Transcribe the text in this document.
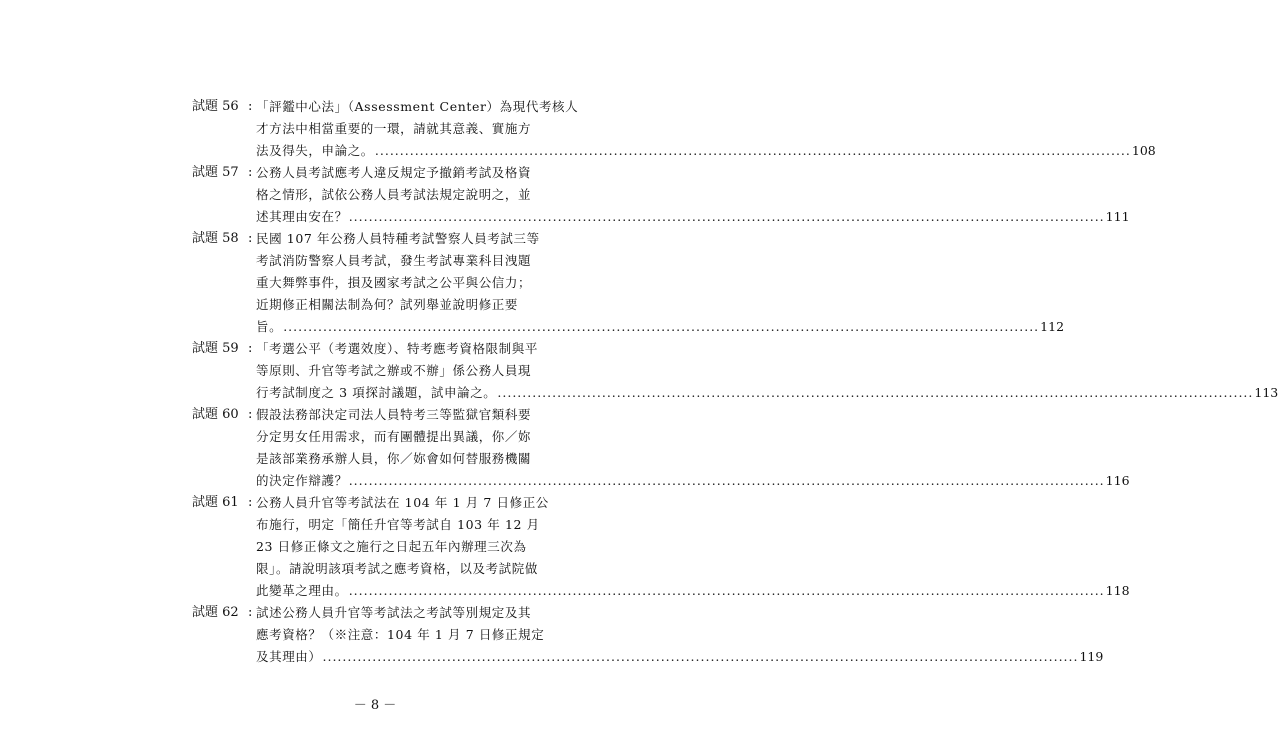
試題 56 : 「評鑑中心法」（Assessment Center）為現代考核人
才方法中相當重要的一環，請就其意義、實施方
法及得失，申論之。 .....	108
試題 57 : 公務人員考試應考人違反規定予撤銷考試及格資
格之情形，試依公務人員考試法規定說明之，並
述其理由安在？ .....	111
試題 58 : 民國 107 年公務人員特種考試警察人員考試三等
考試消防警察人員考試，發生考試專業科目洩題
重大舞弊事件，損及國家考試之公平與公信力；
近期修正相關法制為何？試列舉並說明修正要
旨。 .....	112
試題 59 : 「考選公平（考選效度）、特考應考資格限制與平
等原則、升官等考試之辦或不辦」係公務人員現
行考試制度之 3 項探討議題，試申論之。 .....	113
試題 60 : 假設法務部決定司法人員特考三等監獄官類科要
分定男女任用需求，而有團體提出異議，你／妳
是該部業務承辦人員，你／妳會如何替服務機關
的決定作辯護？ .....	116
試題 61 : 公務人員升官等考試法在 104 年 1 月 7 日修正公
布施行，明定「簡任升官等考試自 103 年 12 月
23 日修正條文之施行之日起五年內辦理三次為
限」。請說明該項考試之應考資格，以及考試院做
此變革之理由。 .....	118
試題 62 : 試述公務人員升官等考試法之考試等別規定及其
應考資格？（※注意：104 年 1 月 7 日修正規定
及其理由） .....	119
－ 8 －
